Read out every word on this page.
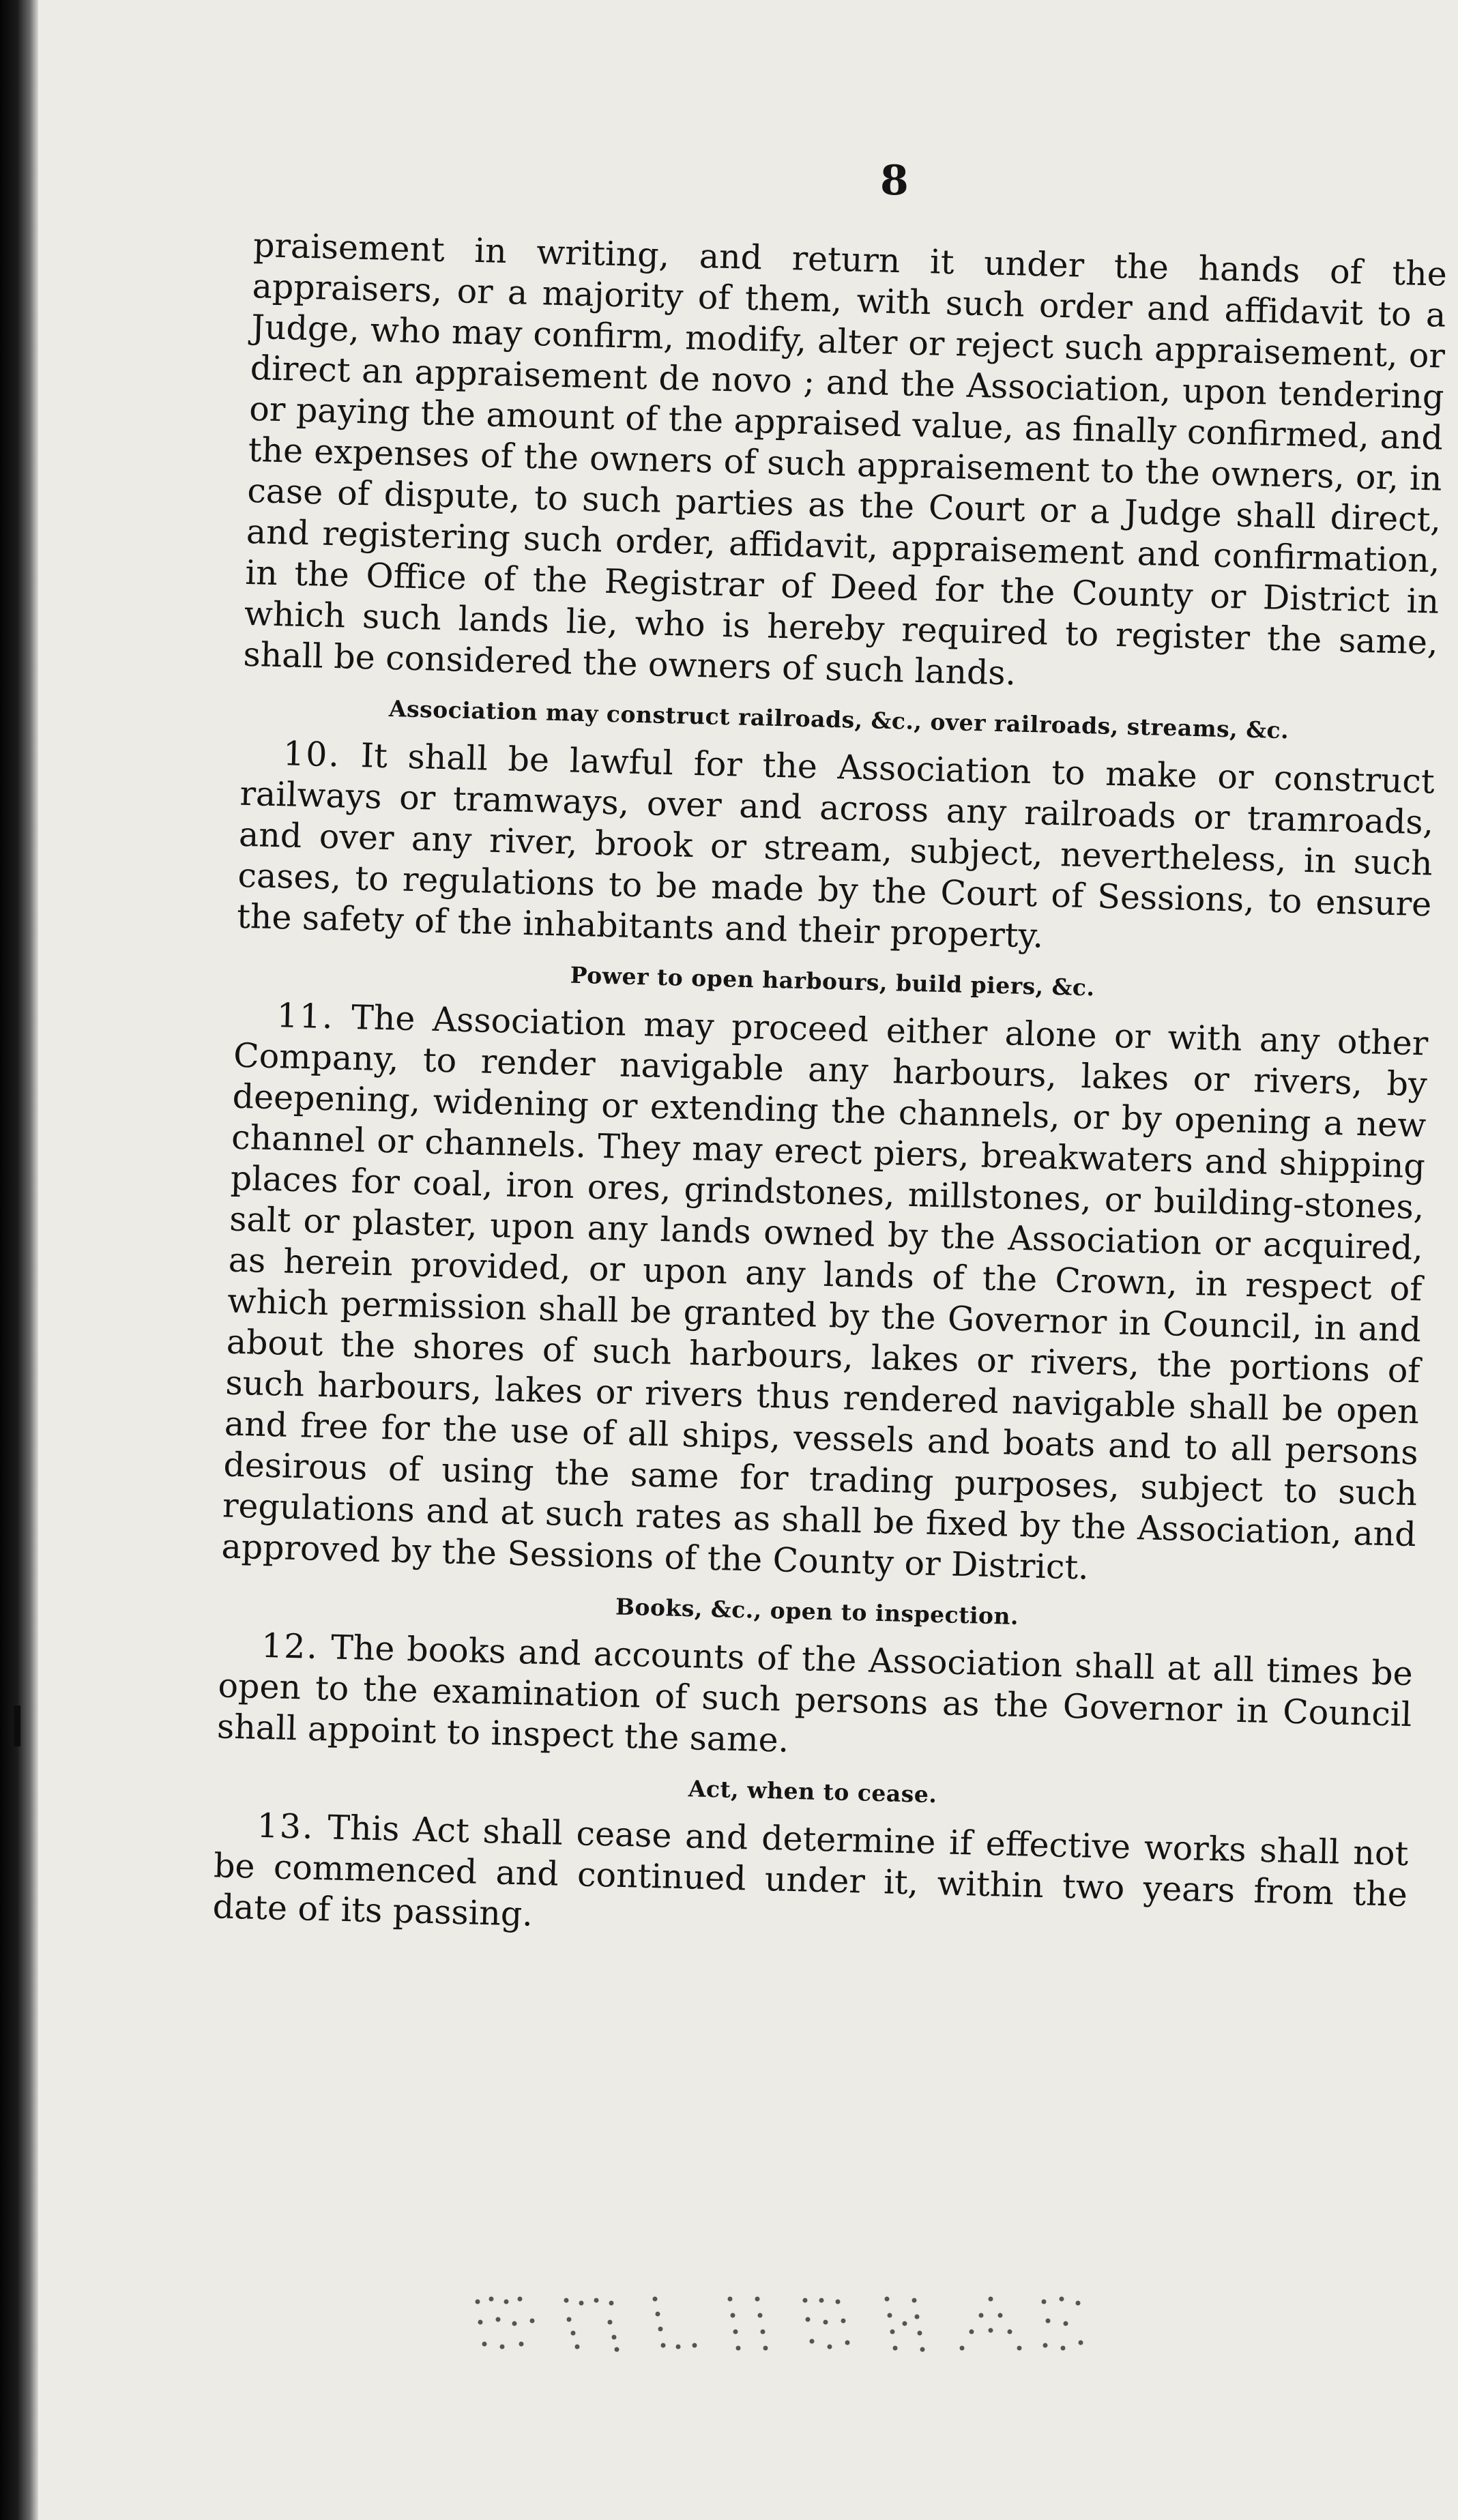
8

praisement in writing, and return it under the hands of the appraisers, or a majority of them, with such order and affidavit to a Judge, who may confirm, modify, alter or reject such appraisement, or direct an appraisement de novo ; and the Association, upon tendering or paying the amount of the appraised value, as finally confirmed, and the expenses of the owners of such appraisement to the owners, or, in case of dispute, to such parties as the Court or a Judge shall direct, and registering such order, affidavit, appraisement and confirmation, in the Office of the Registrar of Deed for the County or District in which such lands lie, who is hereby required to register the same, shall be considered the owners of such lands.

Association may construct railroads, &c., over railroads, streams, &c.

10. It shall be lawful for the Association to make or construct railways or tramways, over and across any railroads or tramroads, and over any river, brook or stream, subject, nevertheless, in such cases, to regulations to be made by the Court of Sessions, to ensure the safety of the inhabitants and their property.

Power to open harbours, build piers, &c.

11. The Association may proceed either alone or with any other Company, to render navigable any harbours, lakes or rivers, by deepening, widening or extending the channels, or by opening a new channel or channels. They may erect piers, breakwaters and shipping places for coal, iron ores, grindstones, millstones, or building-stones, salt or plaster, upon any lands owned by the Association or acquired, as herein provided, or upon any lands of the Crown, in respect of which permission shall be granted by the Governor in Council, in and about the shores of such harbours, lakes or rivers, the portions of such harbours, lakes or rivers thus rendered navigable shall be open and free for the use of all ships, vessels and boats and to all persons desirous of using the same for trading purposes, subject to such regulations and at such rates as shall be fixed by the Association, and approved by the Sessions of the County or District.

Books, &c., open to inspection.

12. The books and accounts of the Association shall at all times be open to the examination of such persons as the Governor in Council shall appoint to inspect the same.

Act, when to cease.

13. This Act shall cease and determine if effective works shall not be commenced and continued under it, within two years from the date of its passing.
